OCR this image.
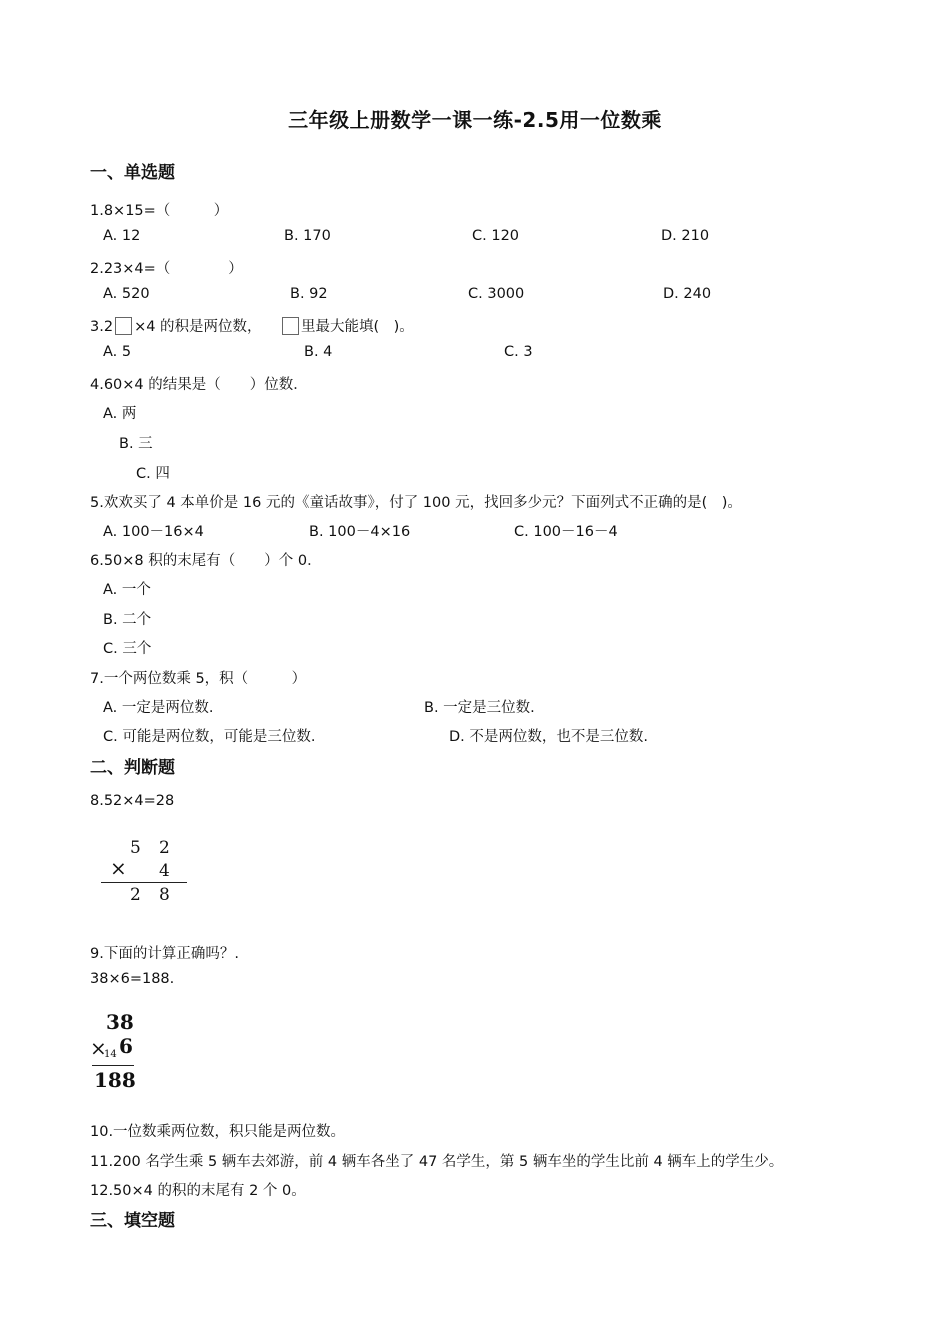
三年级上册数学一课一练-2.5用一位数乘
一、单选题
1.8×15=（　　　）
A. 12	B. 170	C. 120	D. 210
2.23×4=（　　　　）
A. 520	B. 92	C. 3000	D. 240
3.2 ×4 的积是两位数，	里最大能填(　)。
A. 5	B. 4	C. 3
4.60×4 的结果是（　　）位数．
A. 两
B. 三
C. 四
5.欢欢买了 4 本单价是 16 元的《童话故事》，付了 100 元，找回多少元？下面列式不正确的是(　)。
A. 100－16×4	B. 100－4×16	C. 100－16－4
6.50×8 积的末尾有（　　）个 0．
A. 一个
B. 二个
C. 三个
7.一个两位数乘 5，积（　　　）
A. 一定是两位数.	B. 一定是三位数.
C. 可能是两位数，可能是三位数.	D. 不是两位数，也不是三位数.
二、判断题
8.52×4=28
5 2
× 4
2 8
9.下面的计算正确吗？.
38×6=188.
38
×
14 6
188
10.一位数乘两位数，积只能是两位数。
11.200 名学生乘 5 辆车去郊游，前 4 辆车各坐了 47 名学生，第 5 辆车坐的学生比前 4 辆车上的学生少。
12.50×4 的积的末尾有 2 个 0。
三、填空题
